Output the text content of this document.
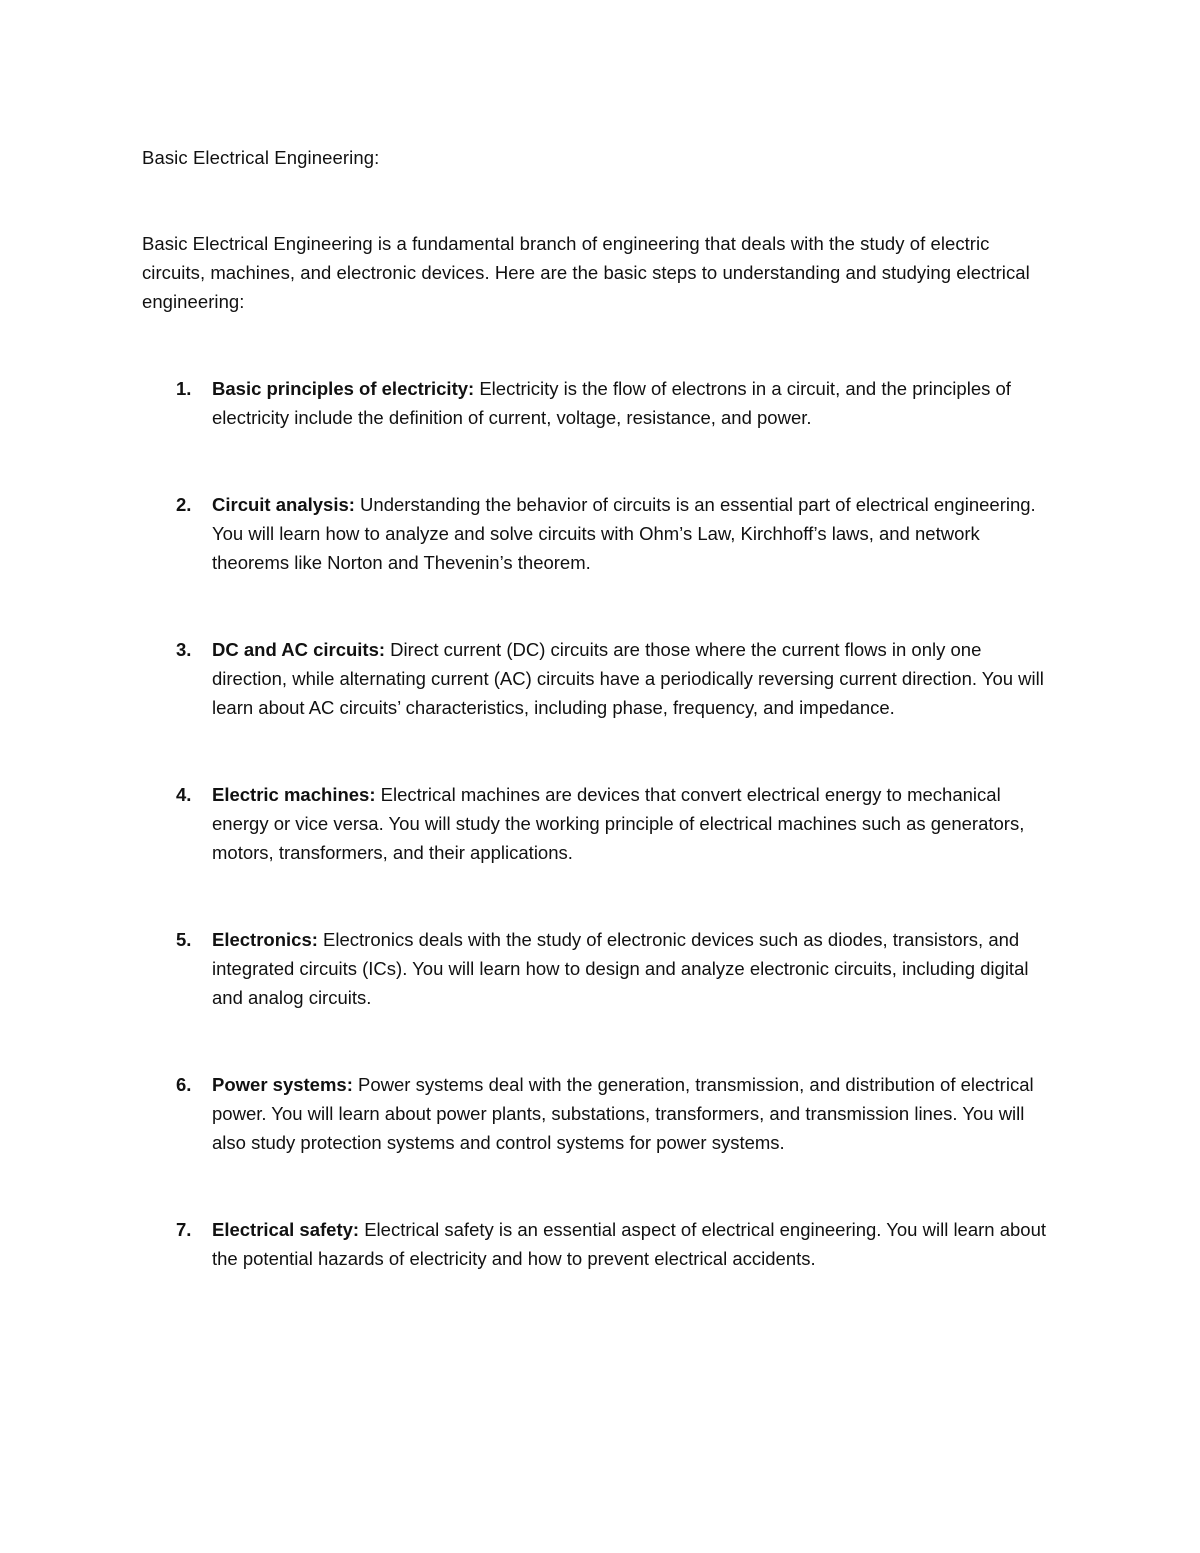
Basic Electrical Engineering:

Basic Electrical Engineering is a fundamental branch of engineering that deals with the study of electric circuits, machines, and electronic devices. Here are the basic steps to understanding and studying electrical engineering:

1. Basic principles of electricity: Electricity is the flow of electrons in a circuit, and the principles of electricity include the definition of current, voltage, resistance, and power.
2. Circuit analysis: Understanding the behavior of circuits is an essential part of electrical engineering. You will learn how to analyze and solve circuits with Ohm’s Law, Kirchhoff’s laws, and network theorems like Norton and Thevenin’s theorem.
3. DC and AC circuits: Direct current (DC) circuits are those where the current flows in only one direction, while alternating current (AC) circuits have a periodically reversing current direction. You will learn about AC circuits’ characteristics, including phase, frequency, and impedance.
4. Electric machines: Electrical machines are devices that convert electrical energy to mechanical energy or vice versa. You will study the working principle of electrical machines such as generators, motors, transformers, and their applications.
5. Electronics: Electronics deals with the study of electronic devices such as diodes, transistors, and integrated circuits (ICs). You will learn how to design and analyze electronic circuits, including digital and analog circuits.
6. Power systems: Power systems deal with the generation, transmission, and distribution of electrical power. You will learn about power plants, substations, transformers, and transmission lines. You will also study protection systems and control systems for power systems.
7. Electrical safety: Electrical safety is an essential aspect of electrical engineering. You will learn about the potential hazards of electricity and how to prevent electrical accidents.
